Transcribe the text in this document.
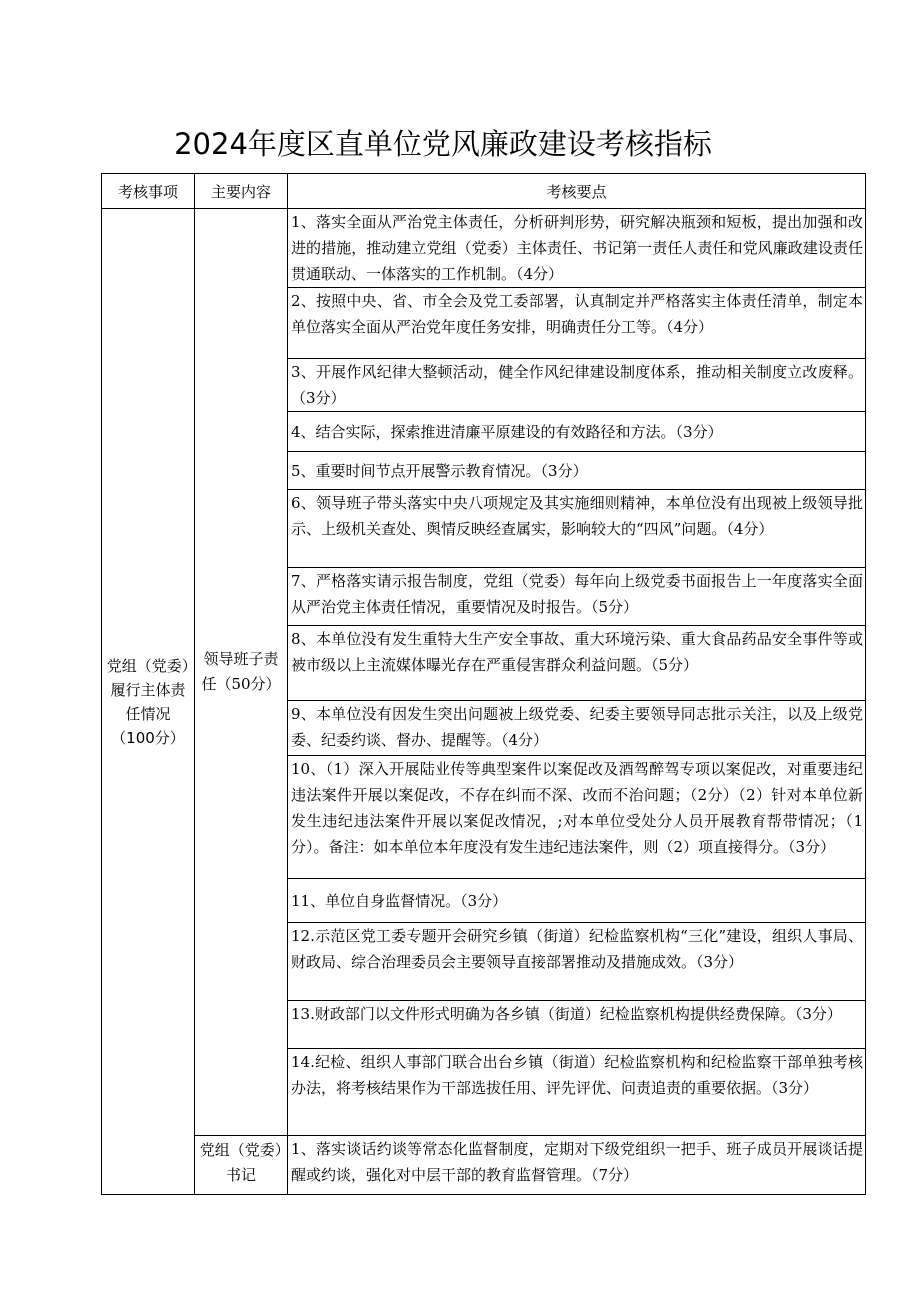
2024年度区直单位党风廉政建设考核指标
考核事项	主要内容	考核要点
党组（党委）履行主体责任情况（100分）	领导班子责任（50分）	1、落实全面从严治党主体责任，分析研判形势，研究解决瓶颈和短板，提出加强和改进的措施，推动建立党组（党委）主体责任、书记第一责任人责任和党风廉政建设责任贯通联动、一体落实的工作机制。（4分）
		2、按照中央、省、市全会及党工委部署，认真制定并严格落实主体责任清单，制定本单位落实全面从严治党年度任务安排，明确责任分工等。（4分）
		3、开展作风纪律大整顿活动，健全作风纪律建设制度体系，推动相关制度立改废释。（3分）
		4、结合实际，探索推进清廉平原建设的有效路径和方法。（3分）
		5、重要时间节点开展警示教育情况。（3分）
		6、领导班子带头落实中央八项规定及其实施细则精神，本单位没有出现被上级领导批示、上级机关查处、舆情反映经查属实，影响较大的“四风”问题。（4分）
		7、严格落实请示报告制度，党组（党委）每年向上级党委书面报告上一年度落实全面从严治党主体责任情况，重要情况及时报告。（5分）
		8、本单位没有发生重特大生产安全事故、重大环境污染、重大食品药品安全事件等或被市级以上主流媒体曝光存在严重侵害群众利益问题。（5分）
		9、本单位没有因发生突出问题被上级党委、纪委主要领导同志批示关注，以及上级党委、纪委约谈、督办、提醒等。（4分）
		10、（1）深入开展陆业传等典型案件以案促改及酒驾醉驾专项以案促改，对重要违纪违法案件开展以案促改，不存在纠而不深、改而不治问题；（2分）（2）针对本单位新发生违纪违法案件开展以案促改情况，;对本单位受处分人员开展教育帮带情况；（1分）。备注：如本单位本年度没有发生违纪违法案件，则（2）项直接得分。（3分）
		11、单位自身监督情况。（3分）
		12.示范区党工委专题开会研究乡镇（街道）纪检监察机构“三化”建设，组织人事局、财政局、综合治理委员会主要领导直接部署推动及措施成效。（3分）
		13.财政部门以文件形式明确为各乡镇（街道）纪检监察机构提供经费保障。（3分）
		14.纪检、组织人事部门联合出台乡镇（街道）纪检监察机构和纪检监察干部单独考核办法，将考核结果作为干部选拔任用、评先评优、问责追责的重要依据。（3分）
	党组（党委）书记	1、落实谈话约谈等常态化监督制度，定期对下级党组织一把手、班子成员开展谈话提醒或约谈，强化对中层干部的教育监督管理。（7分）
